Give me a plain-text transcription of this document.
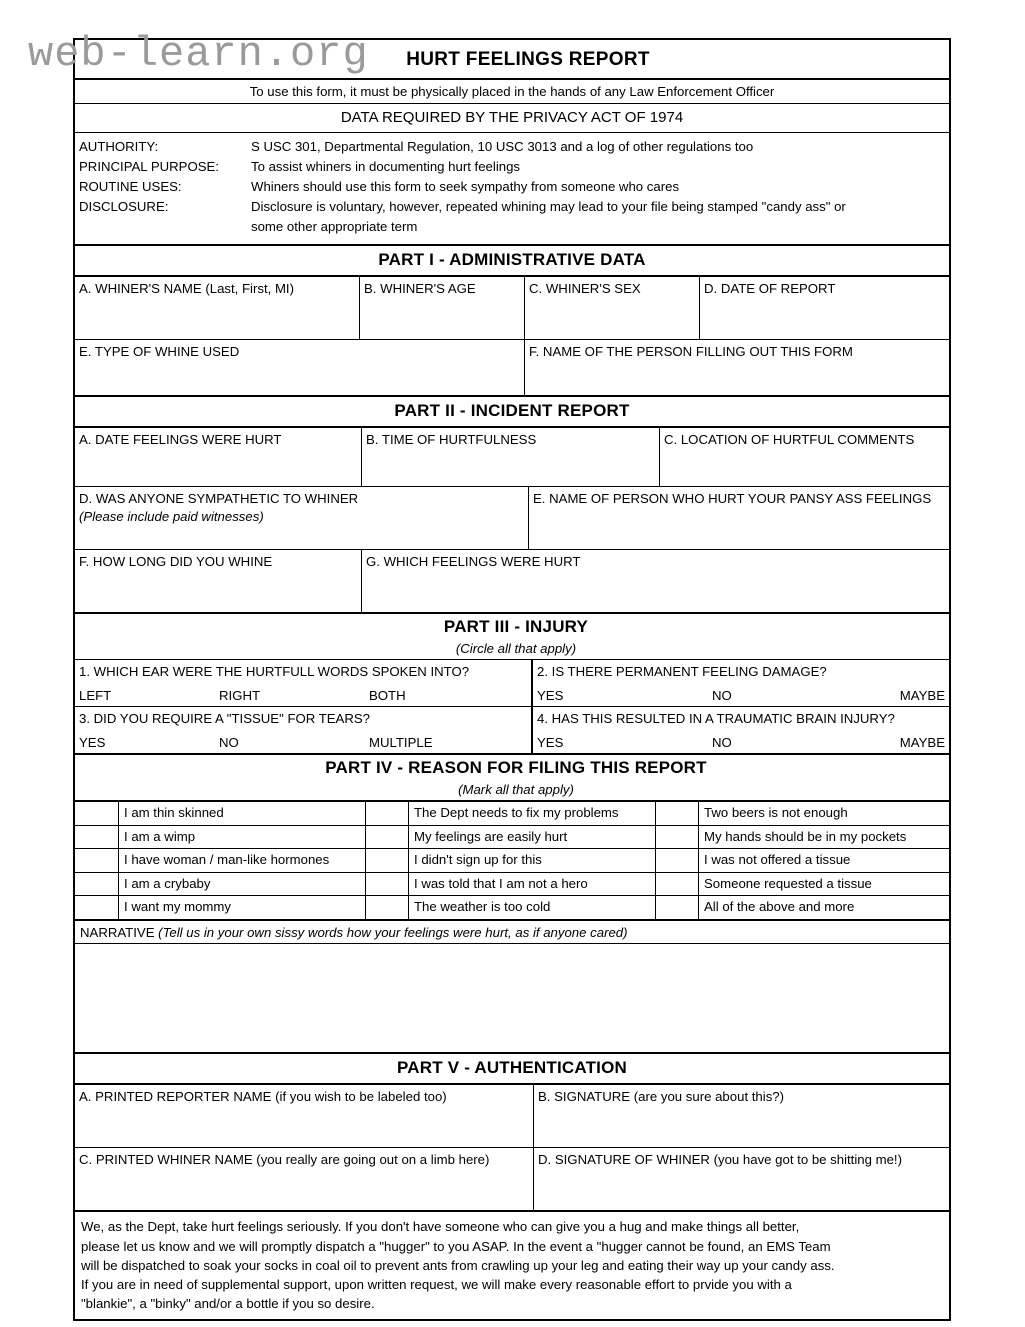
web-learn.org HURT FEELINGS REPORT
To use this form, it must be physically placed in the hands of any Law Enforcement Officer
DATA REQUIRED BY THE PRIVACY ACT OF 1974
AUTHORITY:	S USC 301, Departmental Regulation, 10 USC 3013 and a log of other regulations too
PRINCIPAL PURPOSE:	To assist whiners in documenting hurt feelings
ROUTINE USES:	Whiners should use this form to seek sympathy from someone who cares
DISCLOSURE:	Disclosure is voluntary, however, repeated whining may lead to your file being stamped "candy ass" or
some other appropriate term
PART I - ADMINISTRATIVE DATA
A. WHINER'S NAME (Last, First, MI)	B. WHINER'S AGE	C. WHINER'S SEX	D. DATE OF REPORT
E. TYPE OF WHINE USED	F. NAME OF THE PERSON FILLING OUT THIS FORM
PART II - INCIDENT REPORT
A. DATE FEELINGS WERE HURT	B. TIME OF HURTFULNESS	C. LOCATION OF HURTFUL COMMENTS
D. WAS ANYONE SYMPATHETIC TO WHINER
(Please include paid witnesses)
E. NAME OF PERSON WHO HURT YOUR PANSY ASS FEELINGS
F. HOW LONG DID YOU WHINE	G. WHICH FEELINGS WERE HURT
PART III - INJURY
(Circle all that apply)
1. WHICH EAR WERE THE HURTFULL WORDS SPOKEN INTO?
LEFT	RIGHT	BOTH
2. IS THERE PERMANENT FEELING DAMAGE?
YES	NO	MAYBE
3. DID YOU REQUIRE A "TISSUE" FOR TEARS?
YES	NO	MULTIPLE
4. HAS THIS RESULTED IN A TRAUMATIC BRAIN INJURY?
YES	NO	MAYBE
PART IV - REASON FOR FILING THIS REPORT
(Mark all that apply)
I am thin skinned	The Dept needs to fix my problems	Two beers is not enough
I am a wimp	My feelings are easily hurt	My hands should be in my pockets
I have woman / man-like hormones	I didn't sign up for this	I was not offered a tissue
I am a crybaby	I was told that I am not a hero	Someone requested a tissue
I want my mommy	The weather is too cold	All of the above and more
NARRATIVE (Tell us in your own sissy words how your feelings were hurt, as if anyone cared)
PART V - AUTHENTICATION
A. PRINTED REPORTER NAME (if you wish to be labeled too)	B. SIGNATURE (are you sure about this?)
C. PRINTED WHINER NAME (you really are going out on a limb here)	D. SIGNATURE OF WHINER (you have got to be shitting me!)
We, as the Dept, take hurt feelings seriously. If you don't have someone who can give you a hug and make things all better,
please let us know and we will promptly dispatch a "hugger" to you ASAP. In the event a "hugger cannot be found, an EMS Team
will be dispatched to soak your socks in coal oil to prevent ants from crawling up your leg and eating their way up your candy ass.
If you are in need of supplemental support, upon written request, we will make every reasonable effort to prvide you with a
"blankie", a "binky" and/or a bottle if you so desire.
